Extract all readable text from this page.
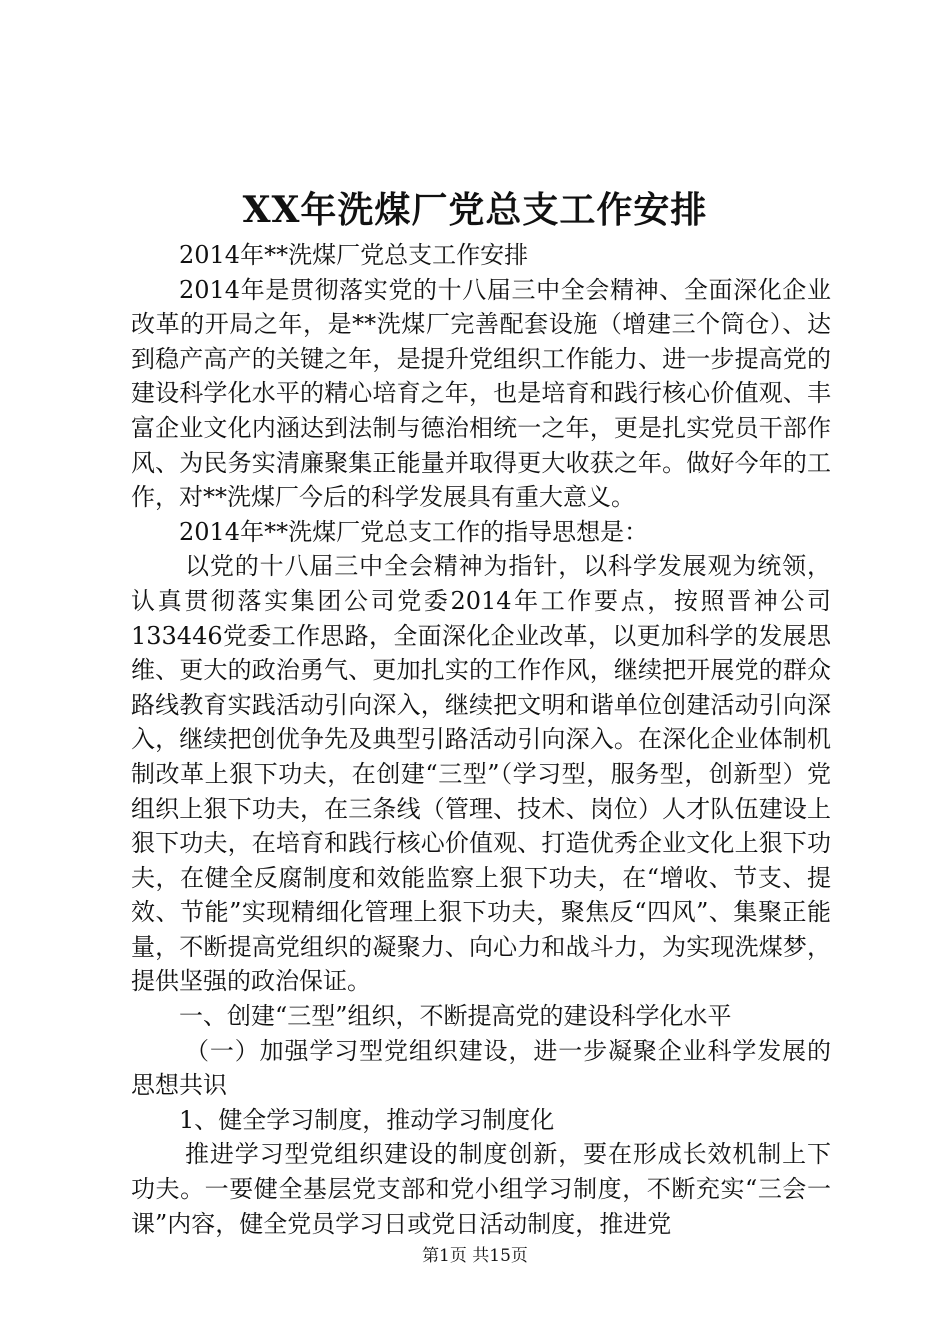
XX年洗煤厂党总支工作安排

2014年**洗煤厂党总支工作安排

2014年是贯彻落实党的十八届三中全会精神、全面深化企业改革的开局之年，是**洗煤厂完善配套设施（增建三个筒仓）、达到稳产高产的关键之年，是提升党组织工作能力、进一步提高党的建设科学化水平的精心培育之年，也是培育和践行核心价值观、丰富企业文化内涵达到法制与德治相统一之年，更是扎实党员干部作风、为民务实清廉聚集正能量并取得更大收获之年。做好今年的工作，对**洗煤厂今后的科学发展具有重大意义。

2014年**洗煤厂党总支工作的指导思想是：

以党的十八届三中全会精神为指针，以科学发展观为统领，认真贯彻落实集团公司党委2014年工作要点，按照晋神公司133446党委工作思路，全面深化企业改革，以更加科学的发展思维、更大的政治勇气、更加扎实的工作作风，继续把开展党的群众路线教育实践活动引向深入，继续把文明和谐单位创建活动引向深入，继续把创优争先及典型引路活动引向深入。在深化企业体制机制改革上狠下功夫，在创建“三型”（学习型，服务型，创新型）党组织上狠下功夫，在三条线（管理、技术、岗位）人才队伍建设上狠下功夫，在培育和践行核心价值观、打造优秀企业文化上狠下功夫，在健全反腐制度和效能监察上狠下功夫，在“增收、节支、提效、节能”实现精细化管理上狠下功夫，聚焦反“四风”、集聚正能量，不断提高党组织的凝聚力、向心力和战斗力，为实现洗煤梦，提供坚强的政治保证。

一、创建“三型”组织，不断提高党的建设科学化水平

（一）加强学习型党组织建设，进一步凝聚企业科学发展的思想共识

1、健全学习制度，推动学习制度化

推进学习型党组织建设的制度创新，要在形成长效机制上下功夫。一要健全基层党支部和党小组学习制度，不断充实“三会一课”内容，健全党员学习日或党日活动制度，推进党

第1页 共15页
